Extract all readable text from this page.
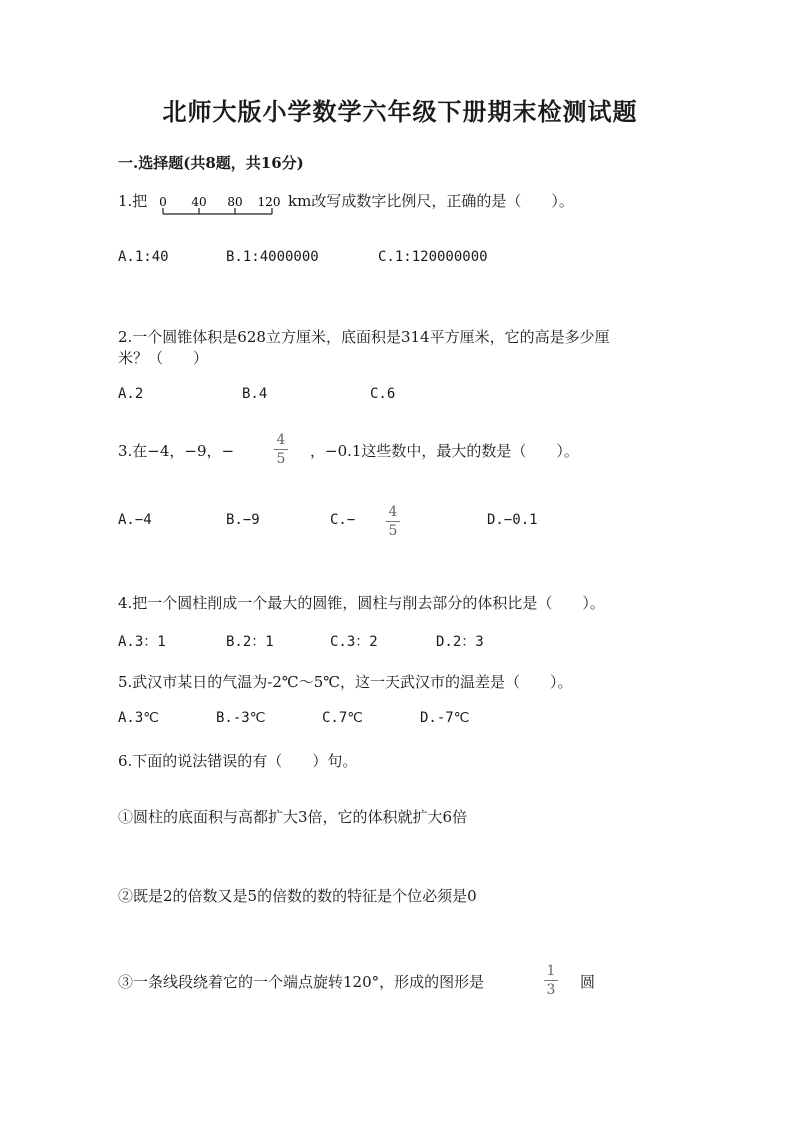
北师大版小学数学六年级下册期末检测试题
一.选择题(共8题，共16分)
1.把 0 40 80 120 km改写成数字比例尺，正确的是（　　）。
A.1:40	B.1:4000000	C.1:120000000
2.一个圆锥体积是628立方厘米，底面积是314平方厘米，它的高是多少厘
米？（　　）
A.2	B.4	C.6
3.在−4，−9，−
4
5 ，−0.1这些数中，最大的数是（　　）。
A.−4	B.−9	C.− 4
5
D.−0.1
4.把一个圆柱削成一个最大的圆锥，圆柱与削去部分的体积比是（　　）。
A.3：1	B.2：1	C.3：2	D.2：3
5.武汉市某日的气温为-2℃～5℃，这一天武汉市的温差是（　　）。
A.3℃	B.-3℃	C.7℃	D.-7℃
6.下面的说法错误的有（　　）句。
①圆柱的底面积与高都扩大3倍，它的体积就扩大6倍
②既是2的倍数又是5的倍数的数的特征是个位必须是0
③一条线段绕着它的一个端点旋转120°，形成的图形是
1
3 圆
